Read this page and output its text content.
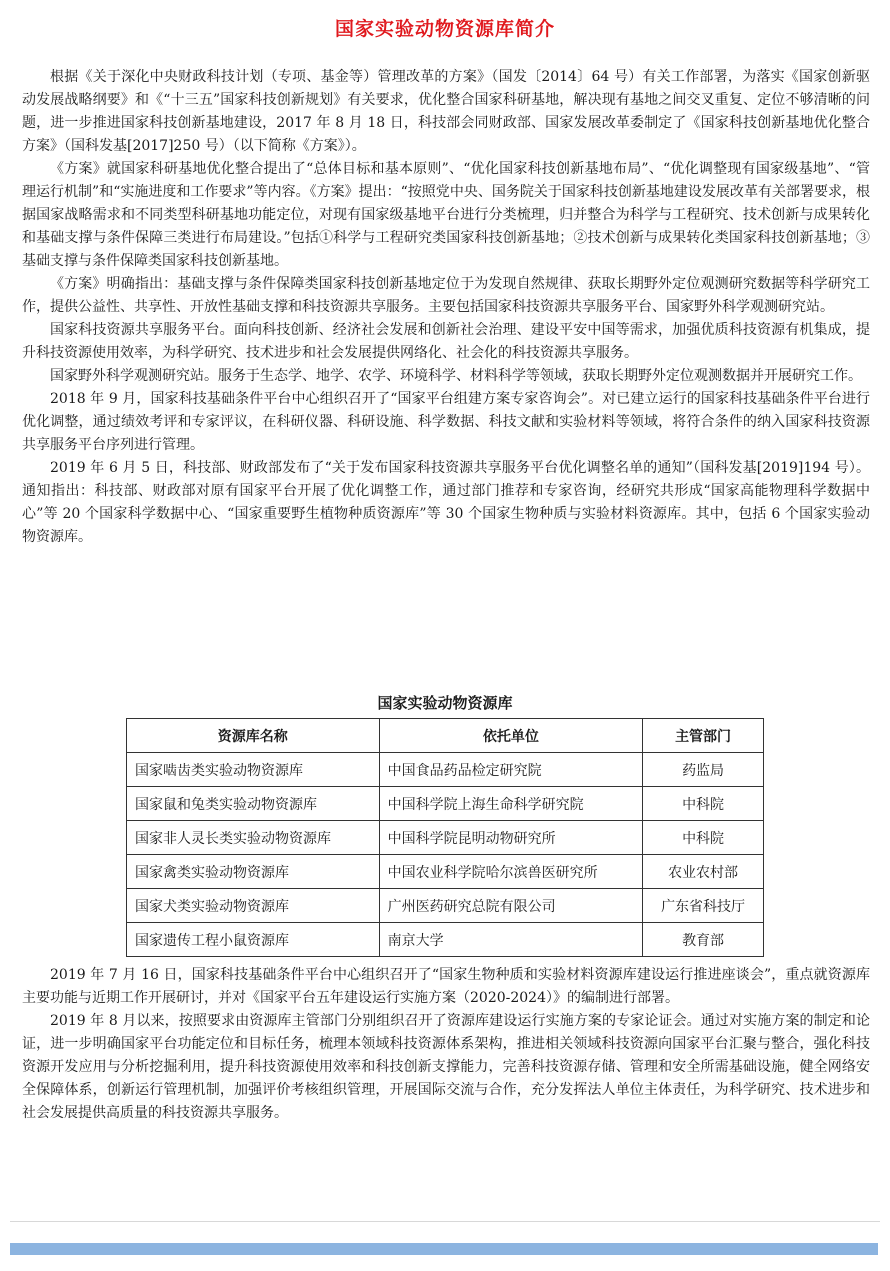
国家实验动物资源库简介

根据《关于深化中央财政科技计划（专项、基金等）管理改革的方案》（国发〔2014〕64 号）有关工作部署，为落实《国家创新驱动发展战略纲要》和《“十三五”国家科技创新规划》有关要求，优化整合国家科研基地，解决现有基地之间交叉重复、定位不够清晰的问题，进一步推进国家科技创新基地建设，2017 年 8 月 18 日，科技部会同财政部、国家发展改革委制定了《国家科技创新基地优化整合方案》（国科发基[2017]250 号）（以下简称《方案》）。

《方案》就国家科研基地优化整合提出了“总体目标和基本原则”、“优化国家科技创新基地布局”、“优化调整现有国家级基地”、“管理运行机制”和“实施进度和工作要求”等内容。《方案》提出：“按照党中央、国务院关于国家科技创新基地建设发展改革有关部署要求，根据国家战略需求和不同类型科研基地功能定位，对现有国家级基地平台进行分类梳理，归并整合为科学与工程研究、技术创新与成果转化和基础支撑与条件保障三类进行布局建设。”包括①科学与工程研究类国家科技创新基地；②技术创新与成果转化类国家科技创新基地；③基础支撑与条件保障类国家科技创新基地。

《方案》明确指出：基础支撑与条件保障类国家科技创新基地定位于为发现自然规律、获取长期野外定位观测研究数据等科学研究工作，提供公益性、共享性、开放性基础支撑和科技资源共享服务。主要包括国家科技资源共享服务平台、国家野外科学观测研究站。

国家科技资源共享服务平台。面向科技创新、经济社会发展和创新社会治理、建设平安中国等需求，加强优质科技资源有机集成，提升科技资源使用效率，为科学研究、技术进步和社会发展提供网络化、社会化的科技资源共享服务。

国家野外科学观测研究站。服务于生态学、地学、农学、环境科学、材料科学等领域，获取长期野外定位观测数据并开展研究工作。

2018 年 9 月，国家科技基础条件平台中心组织召开了“国家平台组建方案专家咨询会”。对已建立运行的国家科技基础条件平台进行优化调整，通过绩效考评和专家评议，在科研仪器、科研设施、科学数据、科技文献和实验材料等领域，将符合条件的纳入国家科技资源共享服务平台序列进行管理。

2019 年 6 月 5 日，科技部、财政部发布了“关于发布国家科技资源共享服务平台优化调整名单的通知”（国科发基[2019]194 号）。通知指出：科技部、财政部对原有国家平台开展了优化调整工作，通过部门推荐和专家咨询，经研究共形成“国家高能物理科学数据中心”等 20 个国家科学数据中心、“国家重要野生植物种质资源库”等 30 个国家生物种质与实验材料资源库。其中，包括 6 个国家实验动物资源库。

国家实验动物资源库
资源库名称	依托单位	主管部门
国家啮齿类实验动物资源库	中国食品药品检定研究院	药监局
国家鼠和兔类实验动物资源库	中国科学院上海生命科学研究院	中科院
国家非人灵长类实验动物资源库	中国科学院昆明动物研究所	中科院
国家禽类实验动物资源库	中国农业科学院哈尔滨兽医研究所	农业农村部
国家犬类实验动物资源库	广州医药研究总院有限公司	广东省科技厅
国家遗传工程小鼠资源库	南京大学	教育部

2019 年 7 月 16 日，国家科技基础条件平台中心组织召开了“国家生物种质和实验材料资源库建设运行推进座谈会”，重点就资源库主要功能与近期工作开展研讨，并对《国家平台五年建设运行实施方案（2020-2024）》的编制进行部署。

2019 年 8 月以来，按照要求由资源库主管部门分别组织召开了资源库建设运行实施方案的专家论证会。通过对实施方案的制定和论证，进一步明确国家平台功能定位和目标任务，梳理本领域科技资源体系架构，推进相关领域科技资源向国家平台汇聚与整合，强化科技资源开发应用与分析挖掘利用，提升科技资源使用效率和科技创新支撑能力，完善科技资源存储、管理和安全所需基础设施，健全网络安全保障体系，创新运行管理机制，加强评价考核组织管理，开展国际交流与合作，充分发挥法人单位主体责任，为科学研究、技术进步和社会发展提供高质量的科技资源共享服务。
